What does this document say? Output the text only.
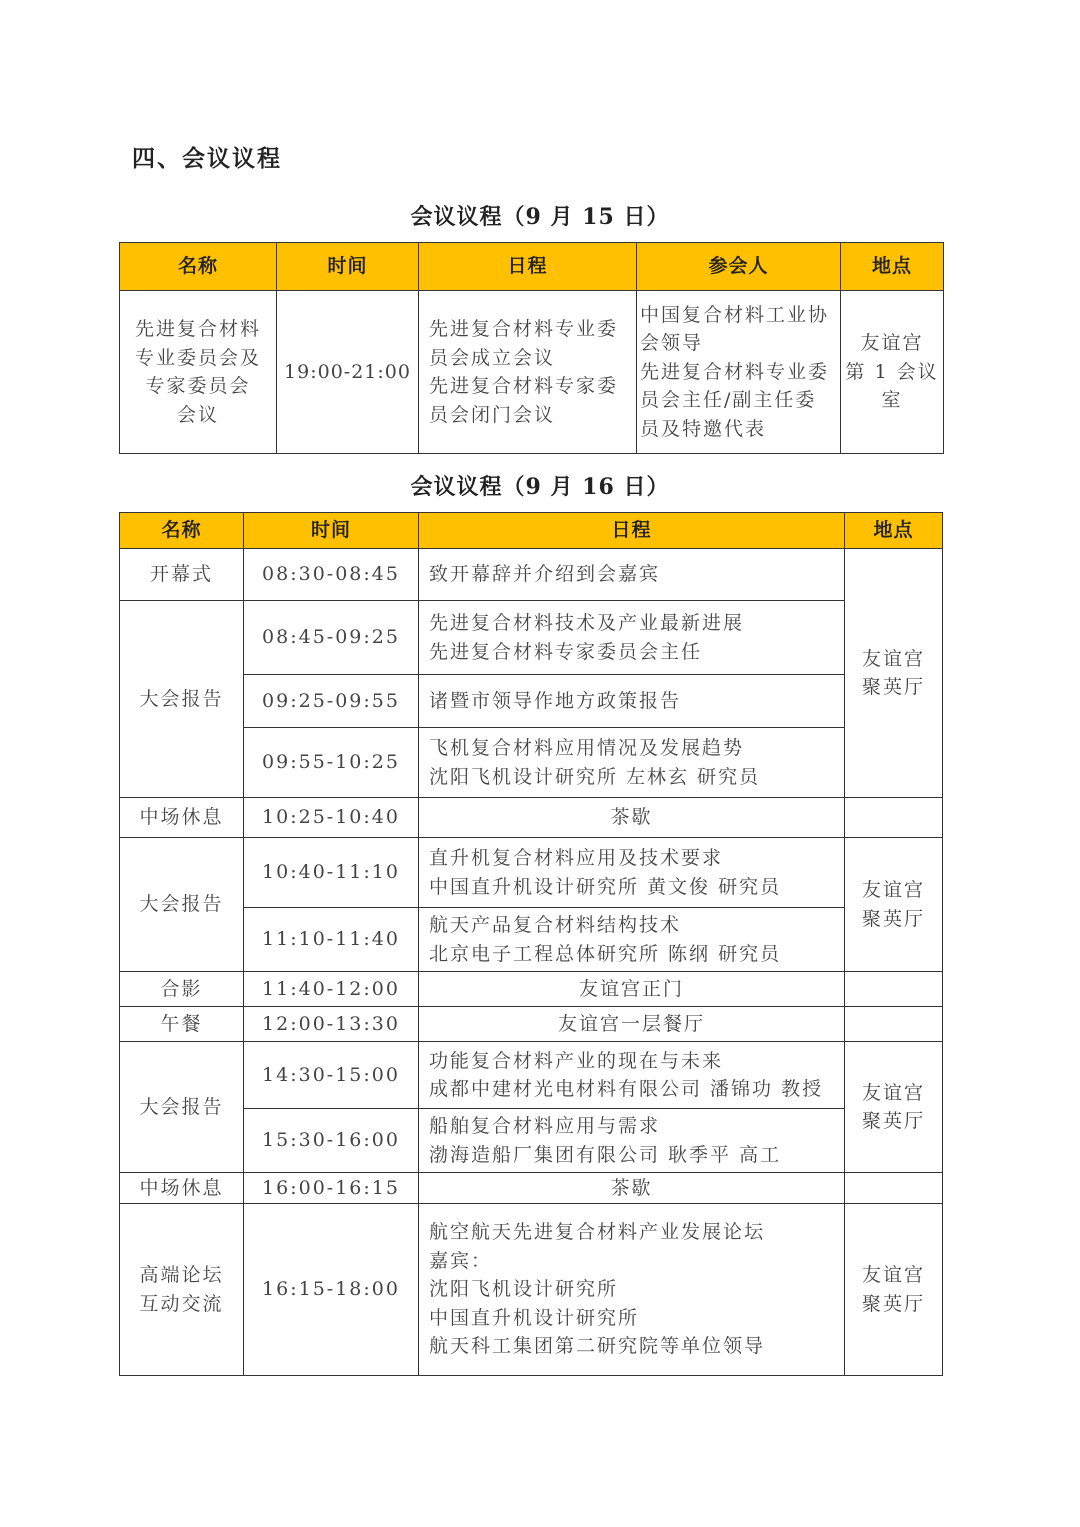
四、会议议程
会议议程（9 月 15 日）
名称	时间	日程	参会人	地点

先进复合材料
专业委员会及
专家委员会
会议	19:00-21:00	先进复合材料专业委
员会成立会议
先进复合材料专家委
员会闭门会议	中国复合材料工业协
会领导
先进复合材料专业委
员会主任/副主任委
员及特邀代表	友谊宫
第 1 会议
室
会议议程（9 月 16 日）
名称	时间	日程	地点
开幕式	08:30-08:45	致开幕辞并介绍到会嘉宾	友谊宫
聚英厅

大会报告	08:45-09:25	先进复合材料技术及产业最新进展
先进复合材料专家委员会主任	

	09:25-09:55	诸暨市领导作地方政策报告	

	09:55-10:25	飞机复合材料应用情况及发展趋势
沈阳飞机设计研究所 左林玄 研究员	

中场休息	10:25-10:40	茶歇	
大会报告	10:40-11:10	直升机复合材料应用及技术要求
中国直升机设计研究所 黄文俊 研究员	友谊宫
聚英厅

	11:10-11:40	航天产品复合材料结构技术
北京电子工程总体研究所 陈纲 研究员	

合影	11:40-12:00	友谊宫正门	
午餐	12:00-13:30	友谊宫一层餐厅	
大会报告	14:30-15:00	功能复合材料产业的现在与未来
成都中建材光电材料有限公司 潘锦功 教授	友谊宫
聚英厅

	15:30-16:00	船舶复合材料应用与需求
渤海造船厂集团有限公司 耿季平 高工	

中场休息	16:00-16:15	茶歇	

高端论坛
互动交流	16:15-18:00	航空航天先进复合材料产业发展论坛
嘉宾：
沈阳飞机设计研究所
中国直升机设计研究所
航天科工集团第二研究院等单位领导	友谊宫
聚英厅
